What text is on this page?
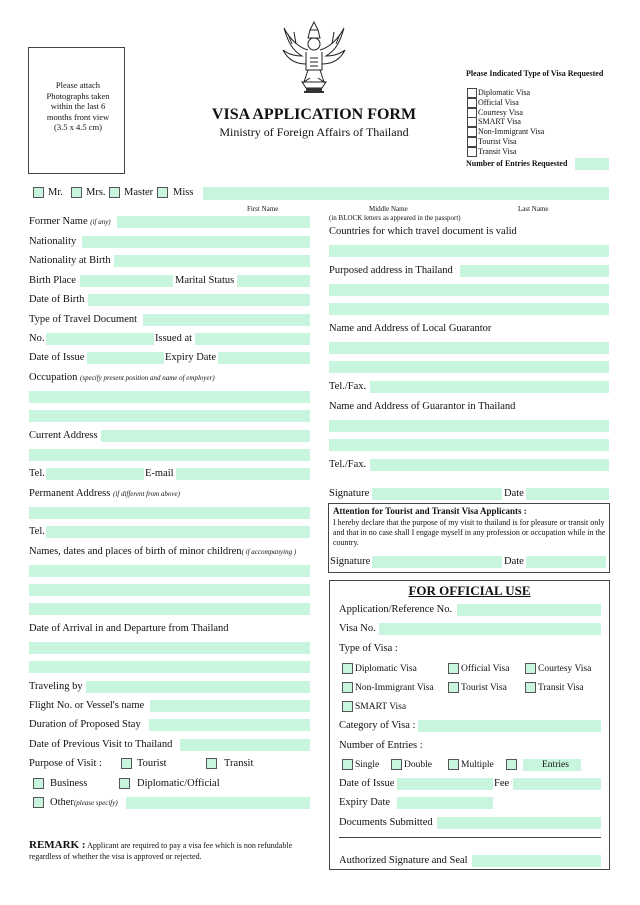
Please attach Photographs taken within the last 6 months front view (3.5 x 4.5 cm)
VISA APPLICATION FORM
Ministry of Foreign Affairs of Thailand
Please Indicated Type of Visa Requested
Diplomatic Visa
Official Visa
Courtesy Visa
SMART Visa
Non-Immigrant Visa
Tourist Visa
Transit Visa
Number of Entries Requested
Mr. Mrs. Master Miss
First Name	Middle Name	Last Name
(in BLOCK letters as appeared in the passport)
Former Name (if any)
Nationality
Nationality at Birth
Birth Place	Marital Status
Date of Birth
Type of Travel Document
No.	Issued at
Date of Issue	Expiry Date
Occupation (specify present position and name of employer)
Current Address
Tel.	E-mail
Permanent Address (if different from above)
Tel.
Names, dates and places of birth of minor children( if accompanying )
Date of Arrival in and Departure from Thailand
Traveling by
Flight No. or Vessel's name
Duration of Proposed Stay
Date of Previous Visit to Thailand
Purpose of Visit :	Tourist	Transit
Business	Diplomatic/Official
Other(please specify)
REMARK : Applicant are required to pay a visa fee which is non refundable regardless of whether the visa is approved or rejected.
Countries for which travel document is valid
Purposed address in Thailand
Name and Address of Local Guarantor
Tel./Fax.
Name and Address of Guarantor in Thailand
Tel./Fax.
Signature	Date
Attention for Tourist and Transit Visa Applicants :
I hereby declare that the purpose of my visit to thailand is for pleasure or transit only and that in no case shall I engage myself in any profession or occupation while in the country.
Signature	Date
FOR OFFICIAL USE
Application/Reference No.
Visa No.
Type of Visa :
Diplomatic Visa	Official Visa	Courtesy Visa
Non-Immigrant Visa	Tourist Visa	Transit Visa
SMART Visa
Category of Visa :
Number of Entries :
Single	Double	Multiple	Entries
Date of Issue	Fee
Expiry Date
Documents Submitted
Authorized Signature and Seal
